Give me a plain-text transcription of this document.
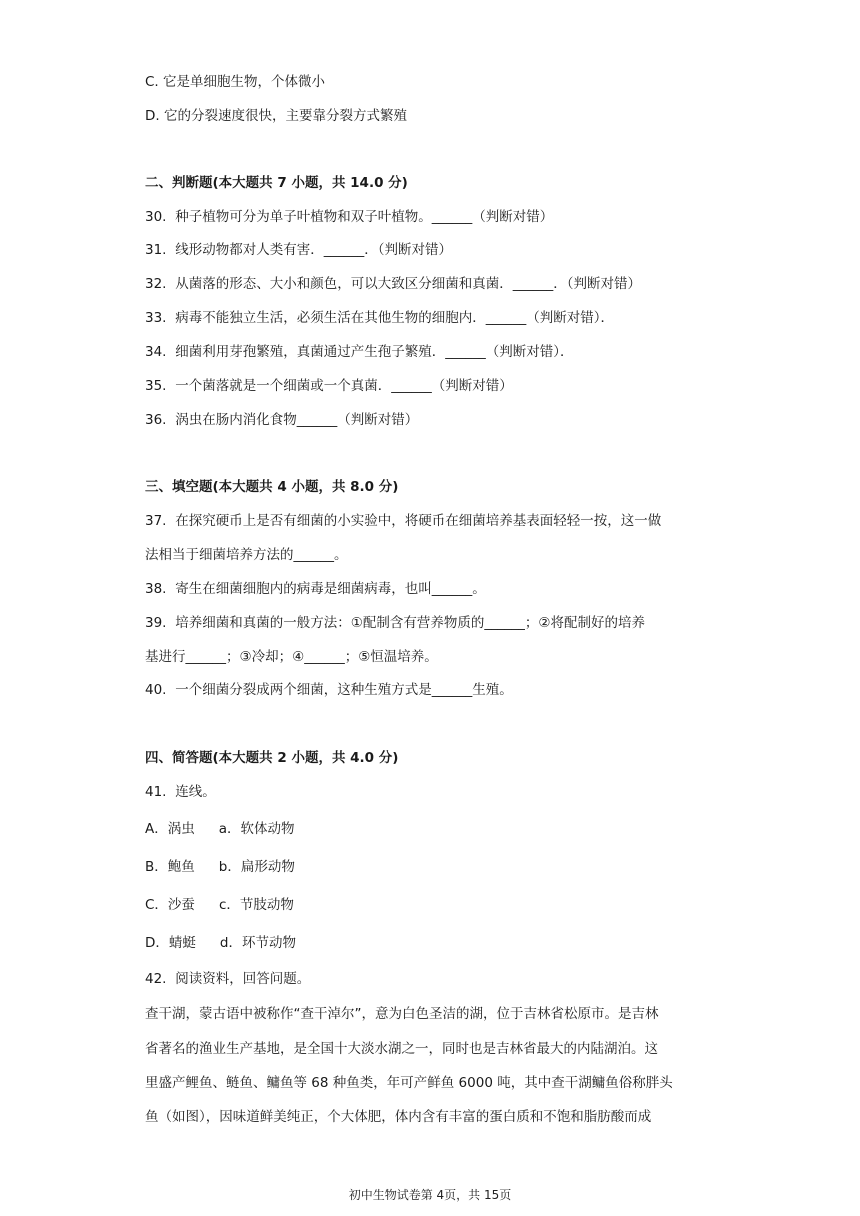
C. 它是单细胞生物，个体微小
D. 它的分裂速度很快，主要靠分裂方式繁殖
二、判断题(本大题共 7 小题，共 14.0 分)
30. 种子植物可分为单子叶植物和双子叶植物。______（判断对错）
31. 线形动物都对人类有害．______．（判断对错）
32. 从菌落的形态、大小和颜色，可以大致区分细菌和真菌．______．（判断对错）
33. 病毒不能独立生活，必须生活在其他生物的细胞内．______（判断对错）．
34. 细菌利用芽孢繁殖，真菌通过产生孢子繁殖．______（判断对错）．
35. 一个菌落就是一个细菌或一个真菌．______（判断对错）
36. 涡虫在肠内消化食物______（判断对错）
三、填空题(本大题共 4 小题，共 8.0 分)
37. 在探究硬币上是否有细菌的小实验中，将硬币在细菌培养基表面轻轻一按，这一做
法相当于细菌培养方法的______。
38. 寄生在细菌细胞内的病毒是细菌病毒，也叫______。
39. 培养细菌和真菌的一般方法：①配制含有营养物质的______；②将配制好的培养
基进行______；③冷却；④______；⑤恒温培养。
40. 一个细菌分裂成两个细菌，这种生殖方式是______生殖。
四、简答题(本大题共 2 小题，共 4.0 分)
41. 连线。
A．涡虫 a．软体动物
B．鲍鱼 b．扁形动物
C．沙蚕 c．节肢动物
D．蜻蜓 d．环节动物
42. 阅读资料，回答问题。
查干湖，蒙古语中被称作“查干淖尔”，意为白色圣洁的湖，位于吉林省松原市。是吉林
省著名的渔业生产基地，是全国十大淡水湖之一，同时也是吉林省最大的内陆湖泊。这
里盛产鲤鱼、鲢鱼、鳙鱼等 68 种鱼类，年可产鲜鱼 6000 吨，其中查干湖鳙鱼俗称胖头
鱼（如图），因味道鲜美纯正，个大体肥，体内含有丰富的蛋白质和不饱和脂肪酸而成
初中生物试卷第 4页，共 15页
